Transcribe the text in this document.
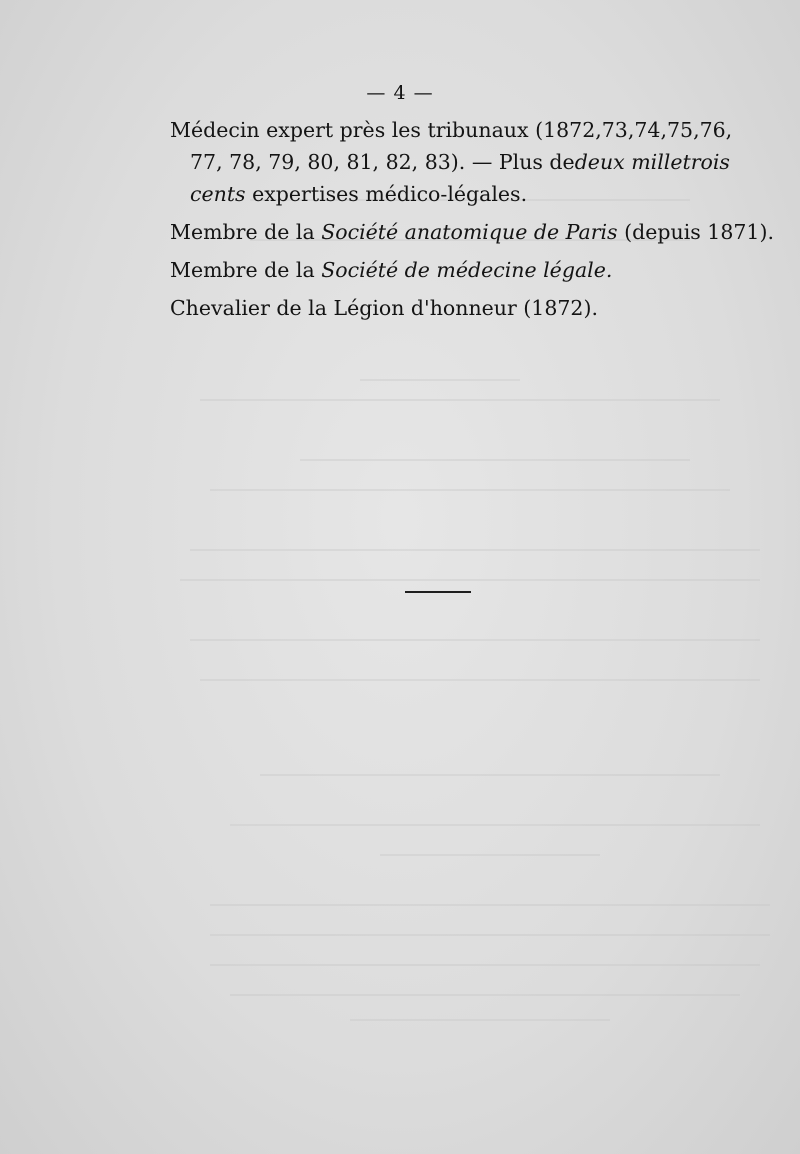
— 4 —
Médecin expert près les tribunaux (1872, 73, 74, 75, 76,
77, 78, 79, 80, 81, 82, 83). — Plus de deux mille trois
cents expertises médico-légales.
Membre de la Société anatomique de Paris (depuis 1871).
Membre de la Société de médecine légale.
Chevalier de la Légion d'honneur (1872).
